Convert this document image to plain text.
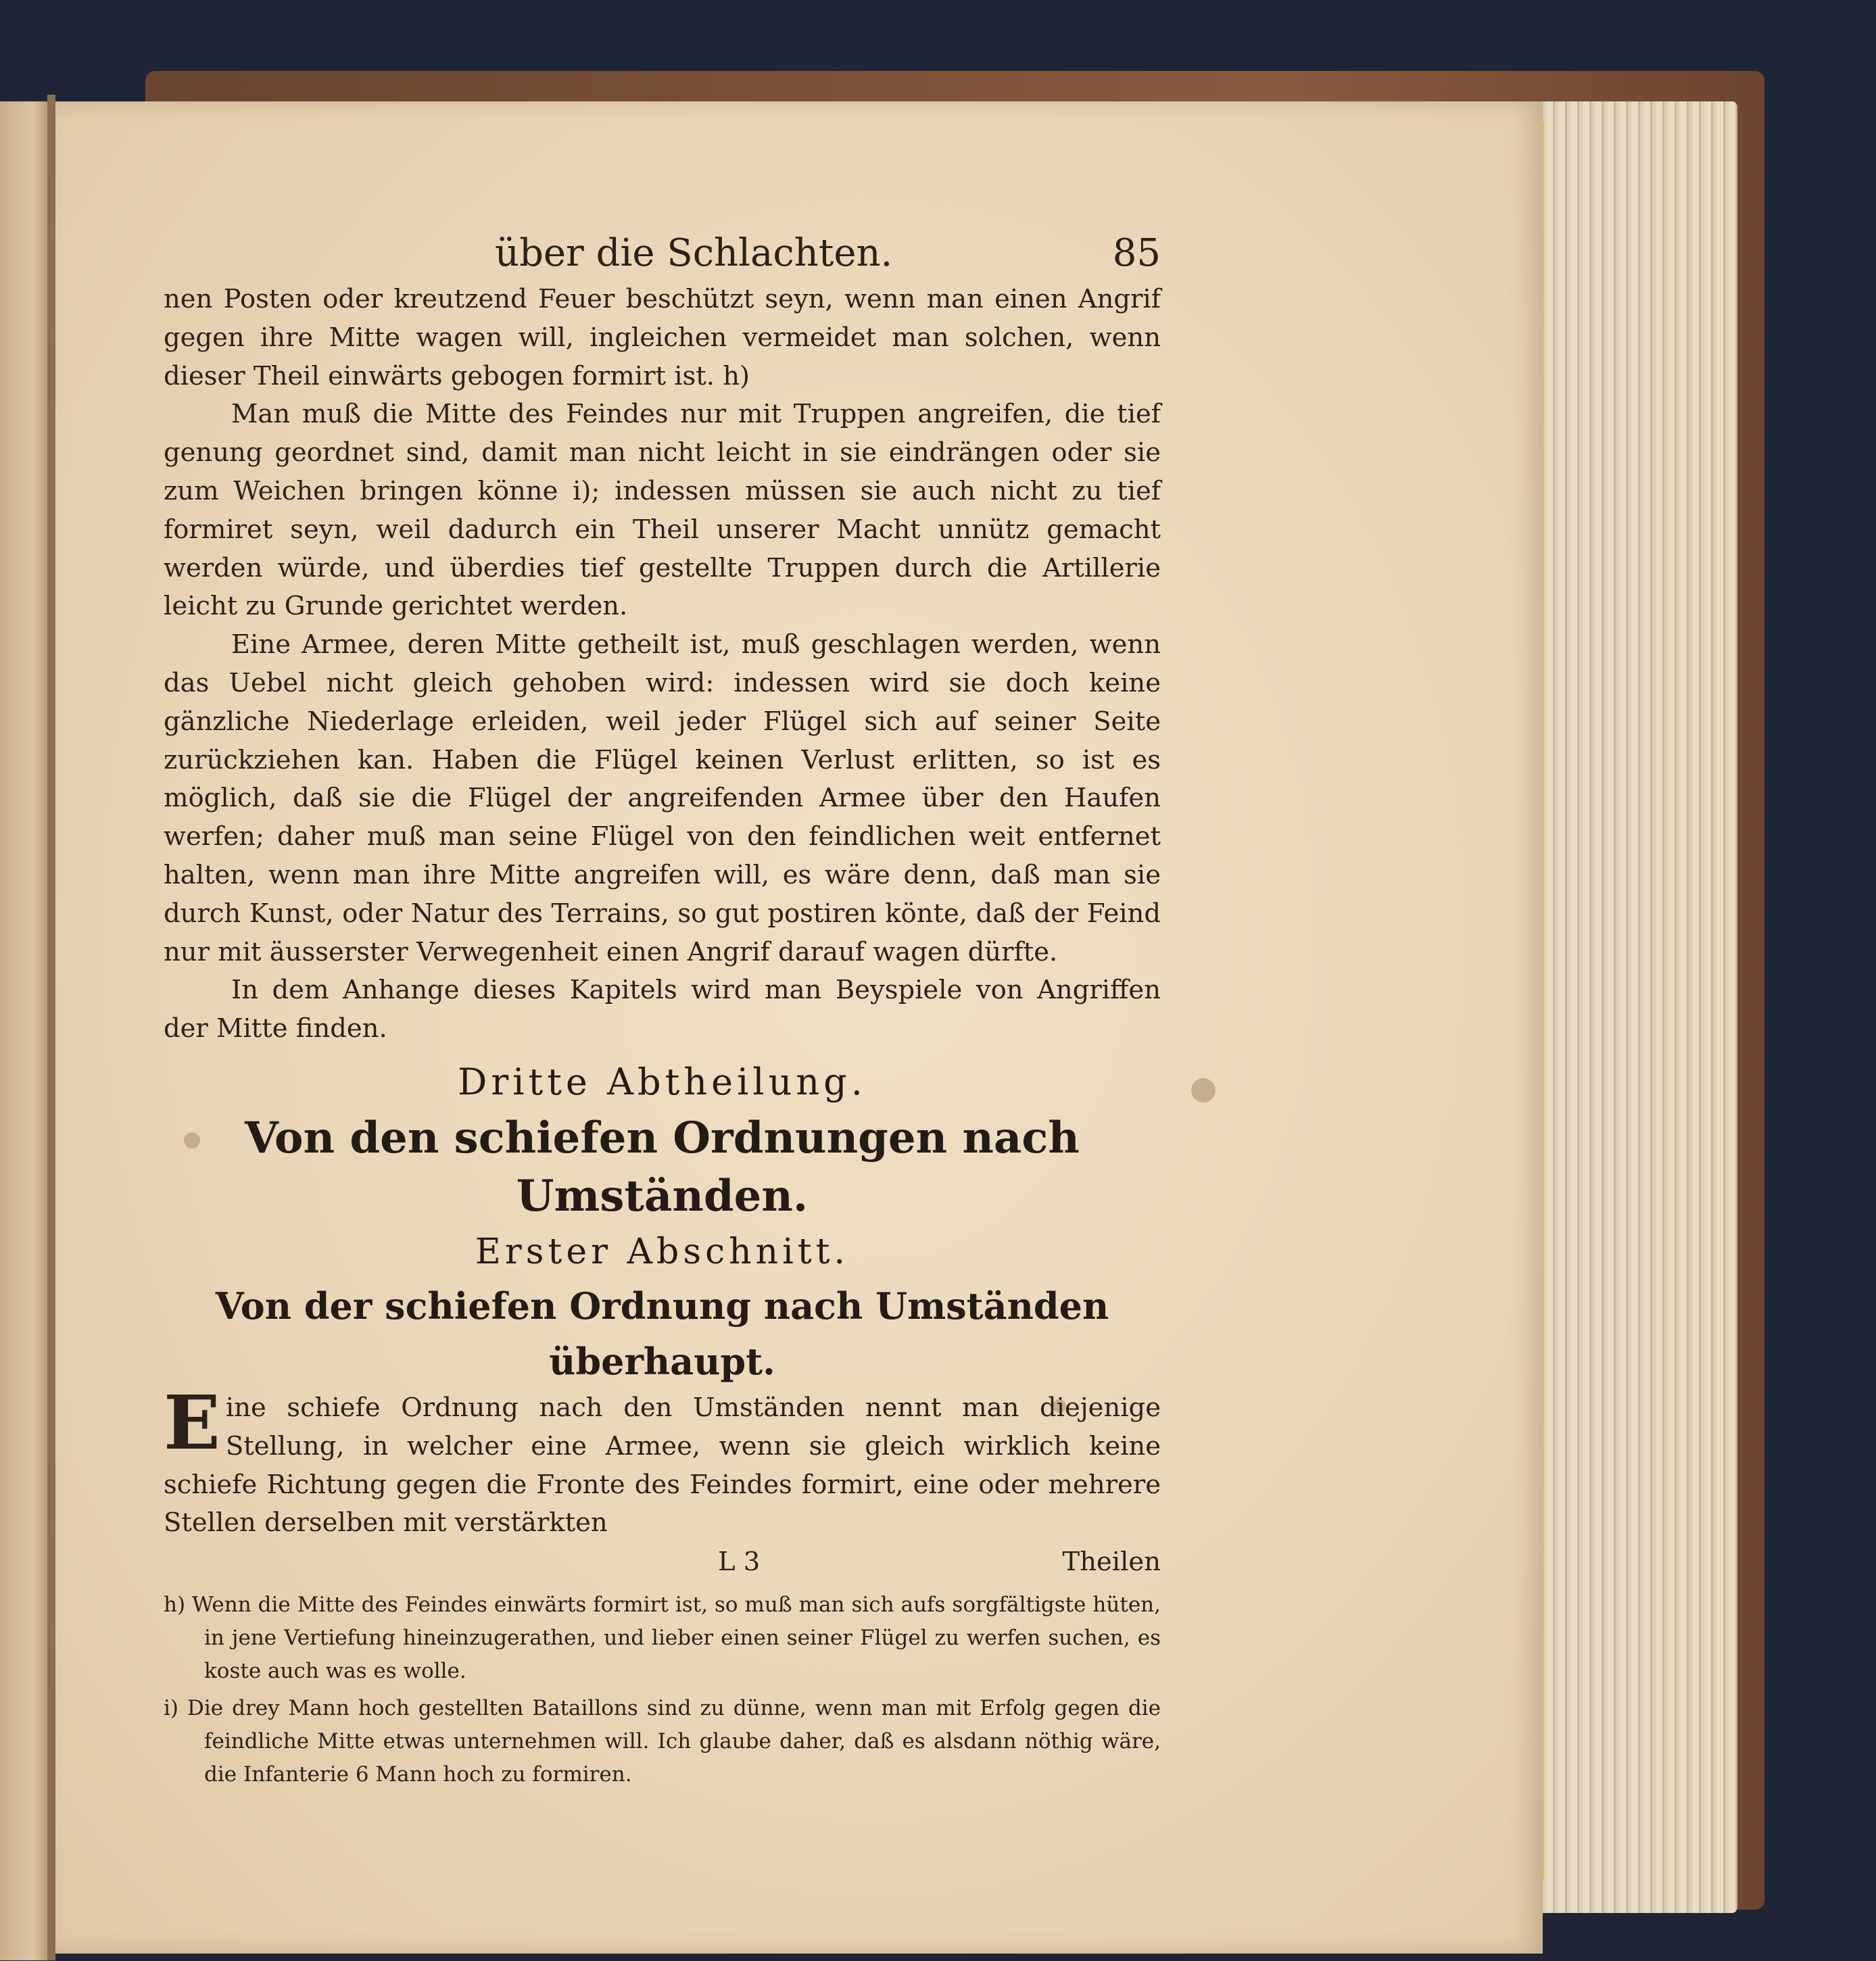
über die Schlachten.	85

nen Posten oder kreutzend Feuer beschützt seyn, wenn man einen Angrif gegen ihre Mitte wagen will, ingleichen vermeidet man solchen, wenn dieser Theil einwärts gebogen formirt ist. h)

Man muß die Mitte des Feindes nur mit Truppen angreifen, die tief genung geordnet sind, damit man nicht leicht in sie eindrängen oder sie zum Weichen bringen könne i); indessen müssen sie auch nicht zu tief formiret seyn, weil dadurch ein Theil unserer Macht unnütz gemacht werden würde, und überdies tief gestellte Truppen durch die Artillerie leicht zu Grunde gerichtet werden.

Eine Armee, deren Mitte getheilt ist, muß geschlagen werden, wenn das Uebel nicht gleich gehoben wird: indessen wird sie doch keine gänzliche Niederlage erleiden, weil jeder Flügel sich auf seiner Seite zurückziehen kan. Haben die Flügel keinen Verlust erlitten, so ist es möglich, daß sie die Flügel der angreifenden Armee über den Haufen werfen; daher muß man seine Flügel von den feindlichen weit entfernet halten, wenn man ihre Mitte angreifen will, es wäre denn, daß man sie durch Kunst, oder Natur des Terrains, so gut postiren könte, daß der Feind nur mit äusserster Verwegenheit einen Angrif darauf wagen dürfte.

In dem Anhange dieses Kapitels wird man Beyspiele von Angriffen der Mitte finden.

Dritte Abtheilung.
Von den schiefen Ordnungen nach Umständen.
Erster Abschnitt.
Von der schiefen Ordnung nach Umständen überhaupt.
Eine schiefe Ordnung nach den Umständen nennt man diejenige Stellung, in welcher eine Armee, wenn sie gleich wirklich keine schiefe Richtung gegen die Fronte des Feindes formirt, eine oder mehrere Stellen derselben mit verstärkten
L 3	Theilen

h) Wenn die Mitte des Feindes einwärts formirt ist, so muß man sich aufs sorgfältigste hüten, in jene Vertiefung hineinzugerathen, und lieber einen seiner Flügel zu werfen suchen, es koste auch was es wolle.

i) Die drey Mann hoch gestellten Bataillons sind zu dünne, wenn man mit Erfolg gegen die feindliche Mitte etwas unternehmen will. Ich glaube daher, daß es alsdann nöthig wäre, die Infanterie 6 Mann hoch zu formiren.
